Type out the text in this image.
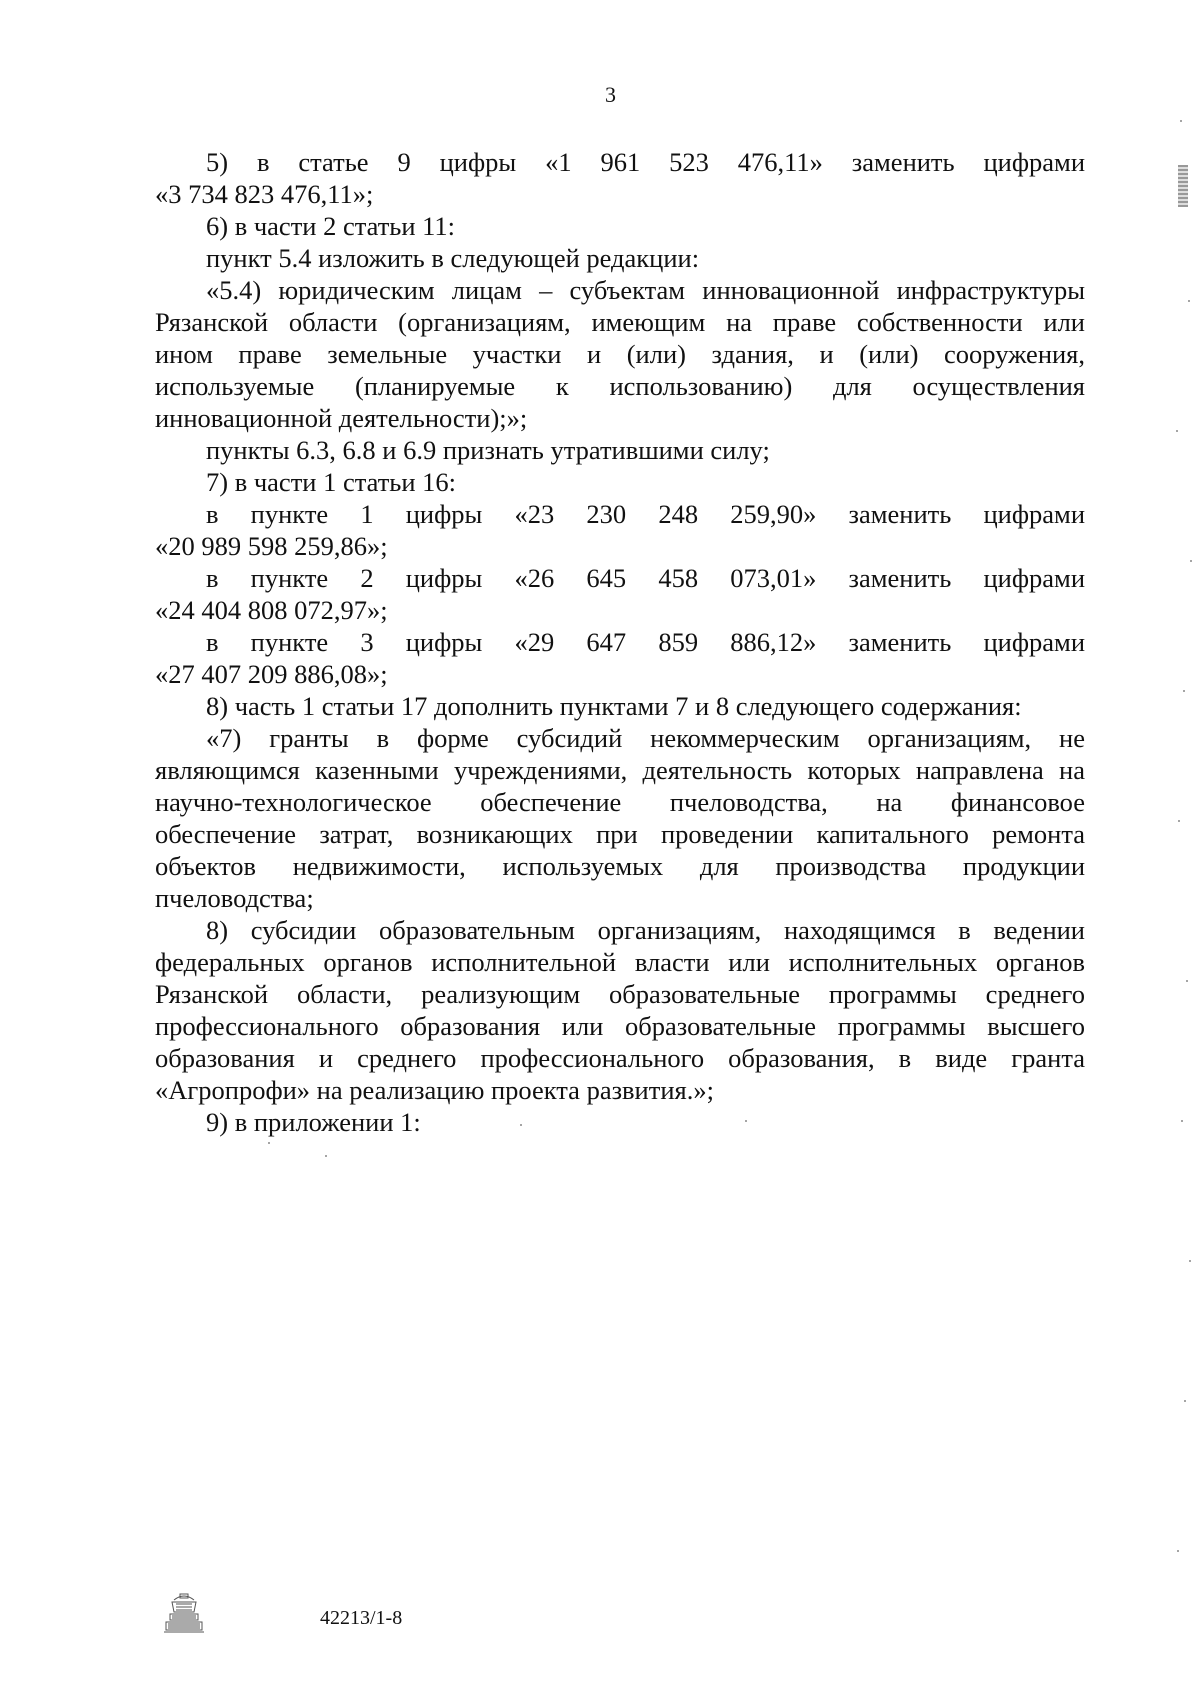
3

5) в статье 9 цифры «1 961 523 476,11» заменить цифрами

«3 734 823 476,11»;

6) в части 2 статьи 11:

пункт 5.4 изложить в следующей редакции:

«5.4) юридическим лицам – субъектам инновационной инфраструктуры

Рязанской области (организациям, имеющим на праве собственности или

ином праве земельные участки и (или) здания, и (или) сооружения,

используемые (планируемые к использованию) для осуществления

инновационной деятельности);»;

пункты 6.3, 6.8 и 6.9 признать утратившими силу;

7) в части 1 статьи 16:

в пункте 1 цифры «23 230 248 259,90» заменить цифрами

«20 989 598 259,86»;

в пункте 2 цифры «26 645 458 073,01» заменить цифрами

«24 404 808 072,97»;

в пункте 3 цифры «29 647 859 886,12» заменить цифрами

«27 407 209 886,08»;

8) часть 1 статьи 17 дополнить пунктами 7 и 8 следующего содержания:

«7) гранты в форме субсидий некоммерческим организациям, не

являющимся казенными учреждениями, деятельность которых направлена на

научно-технологическое обеспечение пчеловодства, на финансовое

обеспечение затрат, возникающих при проведении капитального ремонта

объектов недвижимости, используемых для производства продукции

пчеловодства;

8) субсидии образовательным организациям, находящимся в ведении

федеральных органов исполнительной власти или исполнительных органов

Рязанской области, реализующим образовательные программы среднего

профессионального образования или образовательные программы высшего

образования и среднего профессионального образования, в виде гранта

«Агропрофи» на реализацию проекта развития.»;

9) в приложении 1:

42213/1-8
